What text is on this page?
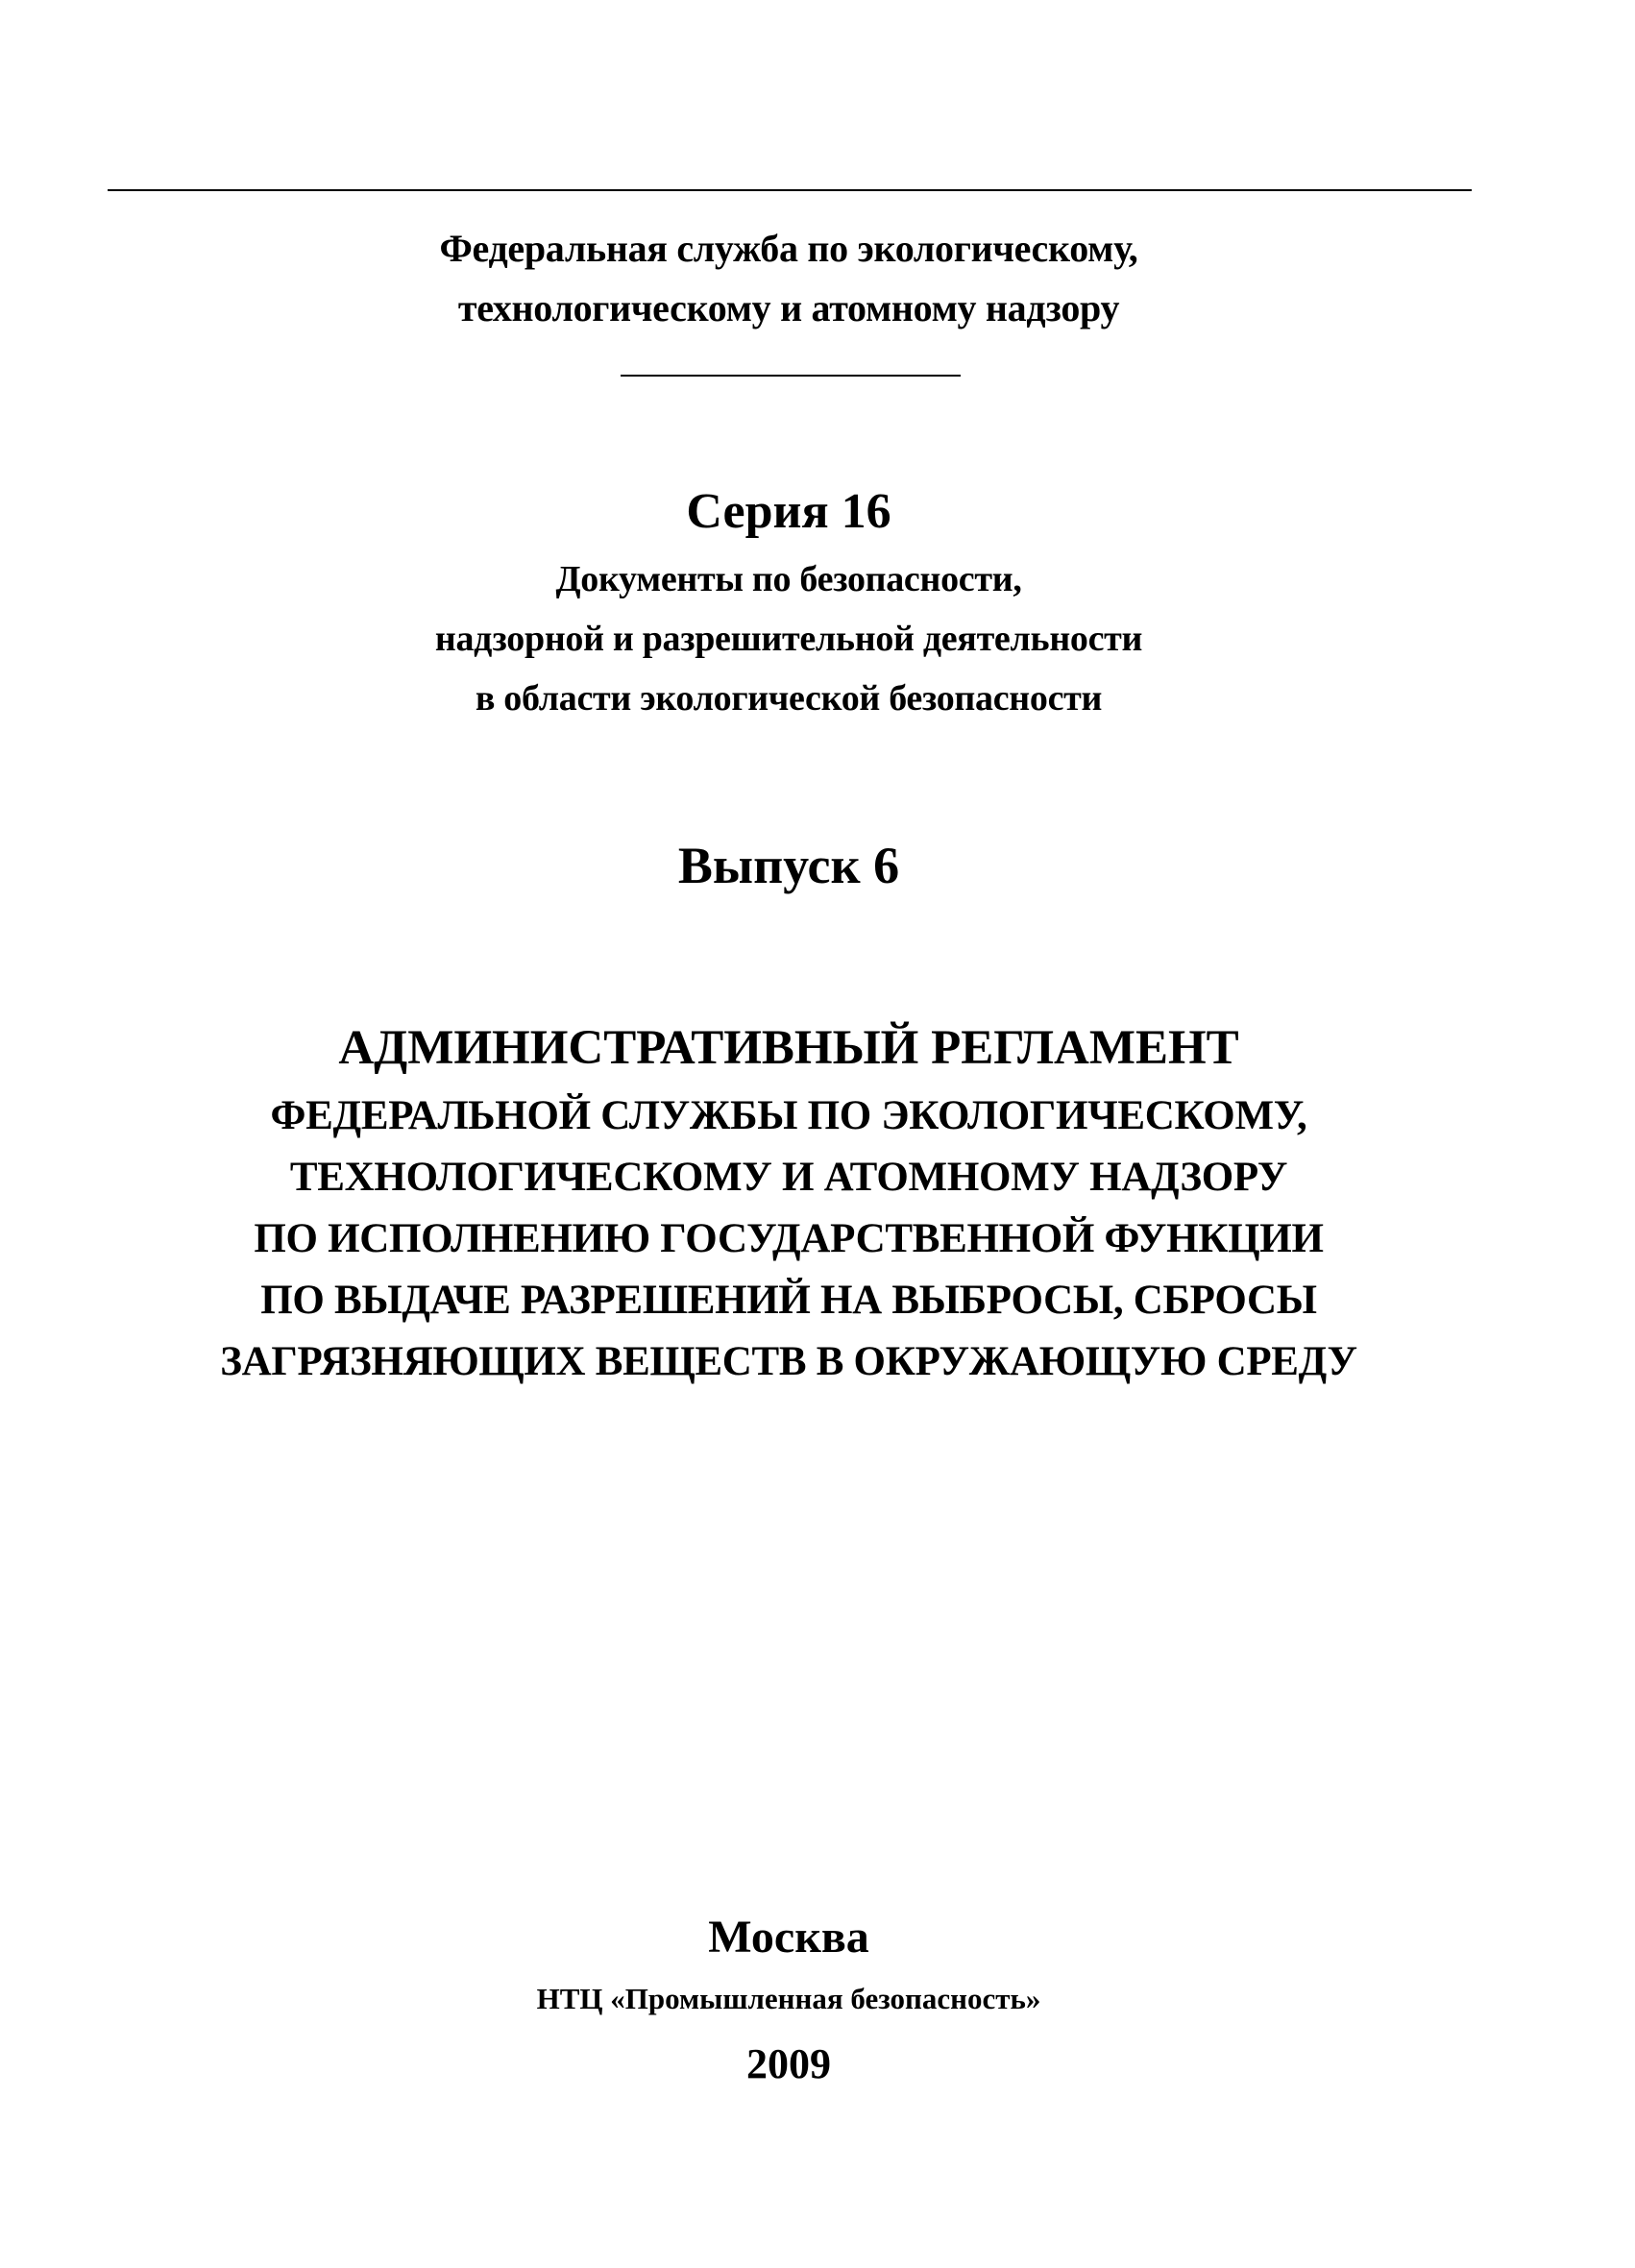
Федеральная служба по экологическому,
технологическому и атомному надзору
Серия 16
Документы по безопасности,
надзорной и разрешительной деятельности
в области экологической безопасности
Выпуск 6
АДМИНИСТРАТИВНЫЙ РЕГЛАМЕНТ
ФЕДЕРАЛЬНОЙ СЛУЖБЫ ПО ЭКОЛОГИЧЕСКОМУ,
ТЕХНОЛОГИЧЕСКОМУ И АТОМНОМУ НАДЗОРУ
ПО ИСПОЛНЕНИЮ ГОСУДАРСТВЕННОЙ ФУНКЦИИ
ПО ВЫДАЧЕ РАЗРЕШЕНИЙ НА ВЫБРОСЫ, СБРОСЫ
ЗАГРЯЗНЯЮЩИХ ВЕЩЕСТВ В ОКРУЖАЮЩУЮ СРЕДУ
Москва
НТЦ «Промышленная безопасность»
2009
